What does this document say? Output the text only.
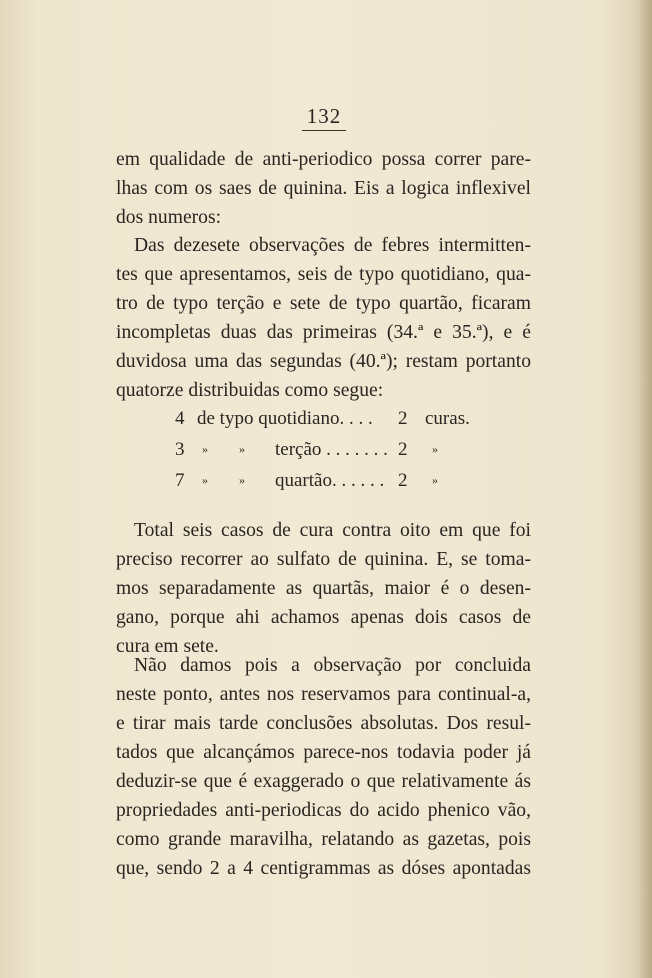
132
em qualidade de anti-periodico possa correr pare-
lhas com os saes de quinina. Eis a logica inflexivel
dos numeros:
Das dezesete observações de febres intermitten-
tes que apresentamos, seis de typo quotidiano, qua-
tro de typo terção e sete de typo quartão, ficaram
incompletas duas das primeiras (34.ª e 35.ª), e é
duvidosa uma das segundas (40.ª); restam portanto
quatorze distribuidas como segue:
4 de typo quotidiano. . . . 2 curas.
3	»	» terção . . . . . . . 2 »
7	»	» quartão. . . . . . 2 »
Total seis casos de cura contra oito em que foi
preciso recorrer ao sulfato de quinina. E, se toma-
mos separadamente as quartãs, maior é o desen-
gano, porque ahi achamos apenas dois casos de
cura em sete.
Não damos pois a observação por concluida
neste ponto, antes nos reservamos para continual-a,
e tirar mais tarde conclusões absolutas. Dos resul-
tados que alcançámos parece-nos todavia poder já
deduzir-se que é exaggerado o que relativamente ás
propriedades anti-periodicas do acido phenico vão,
como grande maravilha, relatando as gazetas, pois
que, sendo 2 a 4 centigrammas as dóses apontadas
